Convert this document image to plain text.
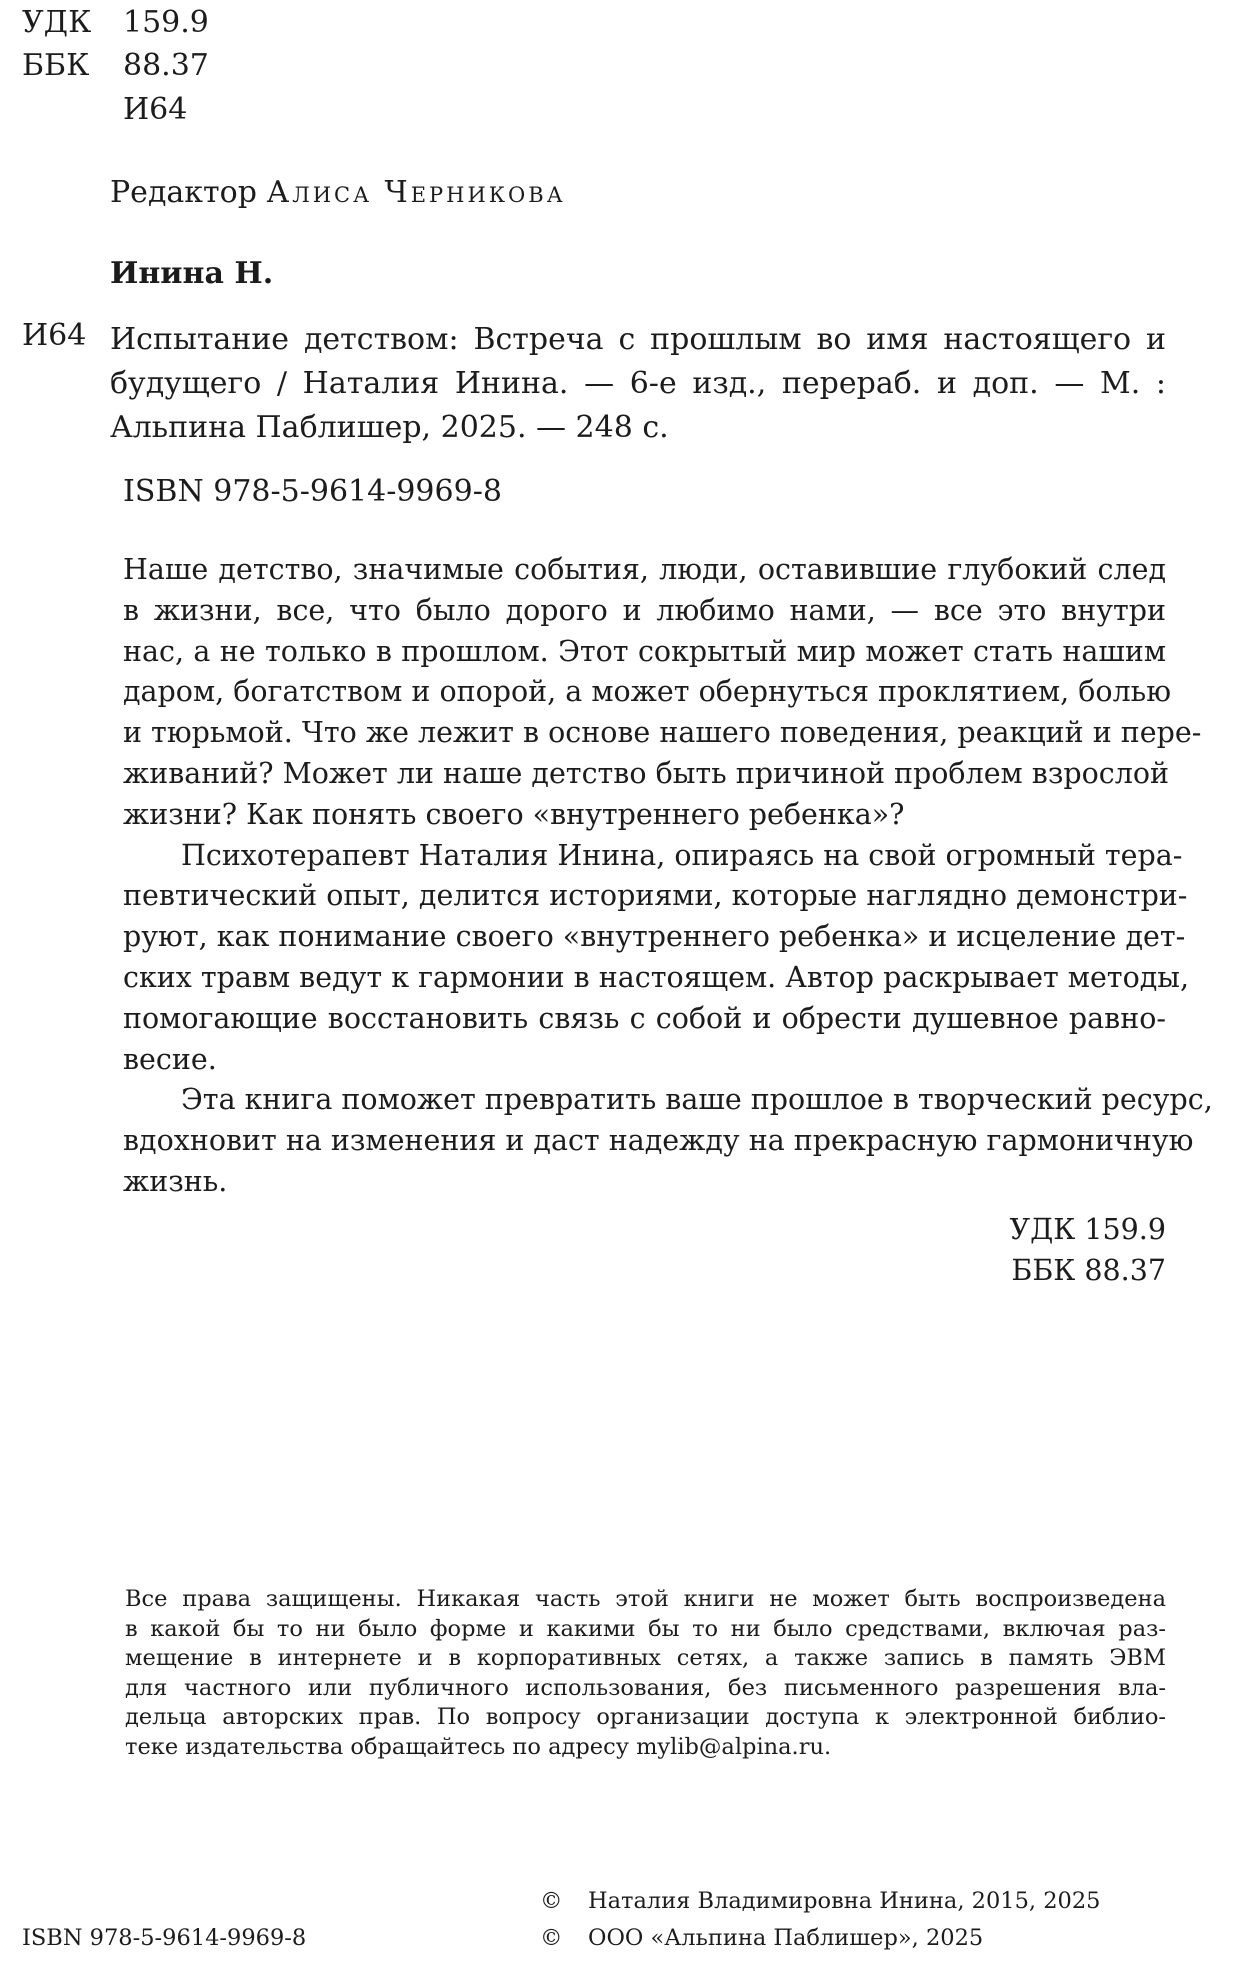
УДК 159.9
ББК 88.37
И64
Редактор Алиса Черникова
Инина Н.
И64 Испытание детством: Встреча с прошлым во имя настоящего и
будущего / Наталия Инина. — 6-е изд., перераб. и доп. — М. :
Альпина Паблишер, 2025. — 248 с.
ISBN 978-5-9614-9969-8
Наше детство, значимые события, люди, оставившие глубокий след
в жизни, все, что было дорого и любимо нами, — все это внутри
нас, а не только в прошлом. Этот сокрытый мир может стать нашим
даром, богатством и опорой, а может обернуться проклятием, болью
и тюрьмой. Что же лежит в основе нашего поведения, реакций и пере-
живаний? Может ли наше детство быть причиной проблем взрослой
жизни? Как понять своего «внутреннего ребенка»?
Психотерапевт Наталия Инина, опираясь на свой огромный тера-
певтический опыт, делится историями, которые наглядно демонстри-
руют, как понимание своего «внутреннего ребенка» и исцеление дет-
ских травм ведут к гармонии в настоящем. Автор раскрывает методы,
помогающие восстановить связь с собой и обрести душевное равно-
весие.
Эта книга поможет превратить ваше прошлое в творческий ресурс,
вдохновит на изменения и даст надежду на прекрасную гармоничную
жизнь.
УДК 159.9
ББК 88.37
Все права защищены. Никакая часть этой книги не может быть воспроизведена
в какой бы то ни было форме и какими бы то ни было средствами, включая раз-
мещение в интернете и в корпоративных сетях, а также запись в память ЭВМ
для частного или публичного использования, без письменного разрешения вла-
дельца авторских прав. По вопросу организации доступа к электронной библио-
теке издательства обращайтесь по адресу mylib@alpina.ru.
ISBN 978-5-9614-9969-8
© Наталия Владимировна Инина, 2015, 2025
© ООО «Альпина Паблишер», 2025
